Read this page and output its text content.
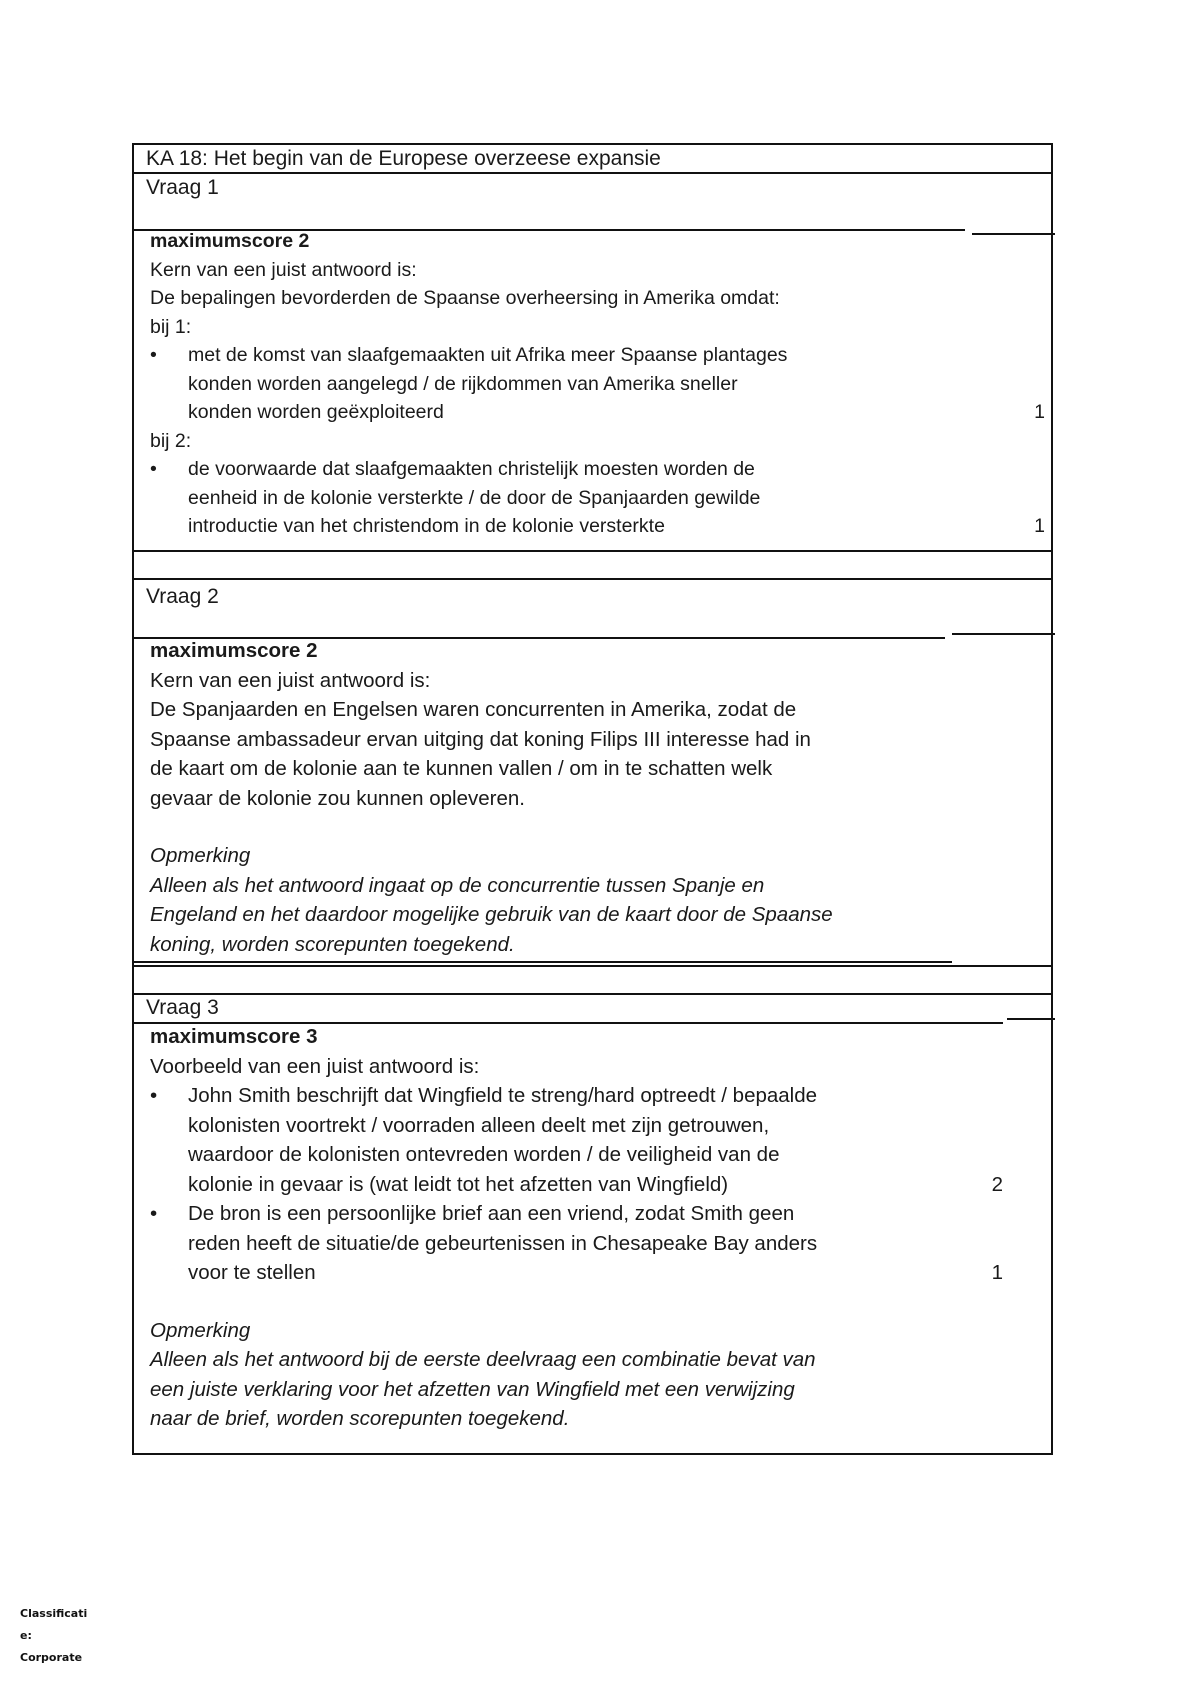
KA 18: Het begin van de Europese overzeese expansie
Vraag 1

maximumscore 2

Kern van een juist antwoord is:

De bepalingen bevorderden de Spaanse overheersing in Amerika omdat:

bij 1:

• met de komst van slaafgemaakten uit Afrika meer Spaanse plantages

konden worden aangelegd / de rijkdommen van Amerika sneller

konden worden geëxploiteerd	1

bij 2:

• de voorwaarde dat slaafgemaakten christelijk moesten worden de

eenheid in de kolonie versterkte / de door de Spanjaarden gewilde

introductie van het christendom in de kolonie versterkte	1
Vraag 2

maximumscore 2

Kern van een juist antwoord is:

De Spanjaarden en Engelsen waren concurrenten in Amerika, zodat de

Spaanse ambassadeur ervan uitging dat koning Filips III interesse had in

de kaart om de kolonie aan te kunnen vallen / om in te schatten welk

gevaar de kolonie zou kunnen opleveren.

Opmerking

Alleen als het antwoord ingaat op de concurrentie tussen Spanje en

Engeland en het daardoor mogelijke gebruik van de kaart door de Spaanse

koning, worden scorepunten toegekend.

Vraag 3

maximumscore 3

Voorbeeld van een juist antwoord is:

• John Smith beschrijft dat Wingfield te streng/hard optreedt / bepaalde

kolonisten voortrekt / voorraden alleen deelt met zijn getrouwen,

waardoor de kolonisten ontevreden worden / de veiligheid van de

kolonie in gevaar is (wat leidt tot het afzetten van Wingfield)	2
• De bron is een persoonlijke brief aan een vriend, zodat Smith geen

reden heeft de situatie/de gebeurtenissen in Chesapeake Bay anders

voor te stellen	1

Opmerking

Alleen als het antwoord bij de eerste deelvraag een combinatie bevat van

een juiste verklaring voor het afzetten van Wingfield met een verwijzing

naar de brief, worden scorepunten toegekend.

Classificati
e:
Corporate
